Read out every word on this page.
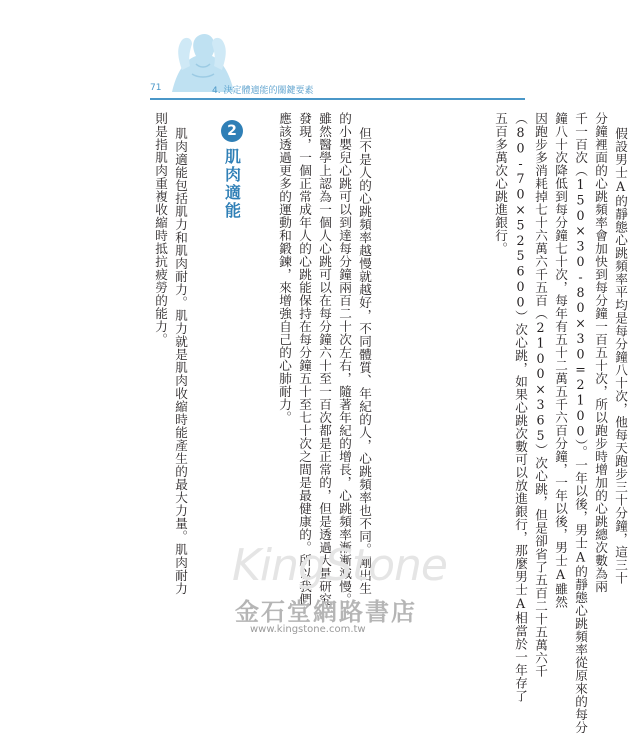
71	4. 決定體適能的關鍵要素
假設男士A的靜態心跳頻率平均是每分鐘八十次，他每天跑步三十分鐘，這三十
分鐘裡面的心跳頻率會加快到每分鐘一百五十次，所以跑步時增加的心跳總次數為兩
千一百次（150×30-80×30=2100）。一年以後，男士A的靜態心跳頻率從原來的每分
鐘八十次降低到每分鐘七十次，每年有五十二萬五千六百分鐘，一年以後，男士A雖然
因跑步多消耗掉七十六萬六千五百（2100×365）次心跳，但是卻省了五百二十五萬六千
（80-70×525600）次心跳，如果心跳次數可以放進銀行，那麼男士A相當於一年存了
五百多萬次心跳進銀行。
但不是人的心跳頻率越慢就越好，不同體質、年紀的人，心跳頻率也不同。剛出生
的小嬰兒心跳可以到達每分鐘兩百二十次左右，隨著年紀的增長，心跳頻率漸漸減慢。
雖然醫學上認為一個人心跳可以在每分鐘六十至一百次都是正常的，但是透過大量研究
發現，一個正常成年人的心跳能保持在每分鐘五十至七十次之間是最健康的。所以我們
應該透過更多的運動和鍛鍊，來增強自己的心肺耐力。
2
肌肉適能
肌肉適能包括肌力和肌肉耐力。肌力就是肌肉收縮時能產生的最大力量。肌肉耐力
則是指肌肉重複收縮時抵抗疲勞的能力。
KingStone
金石堂網路書店
www.kingstone.com.tw
